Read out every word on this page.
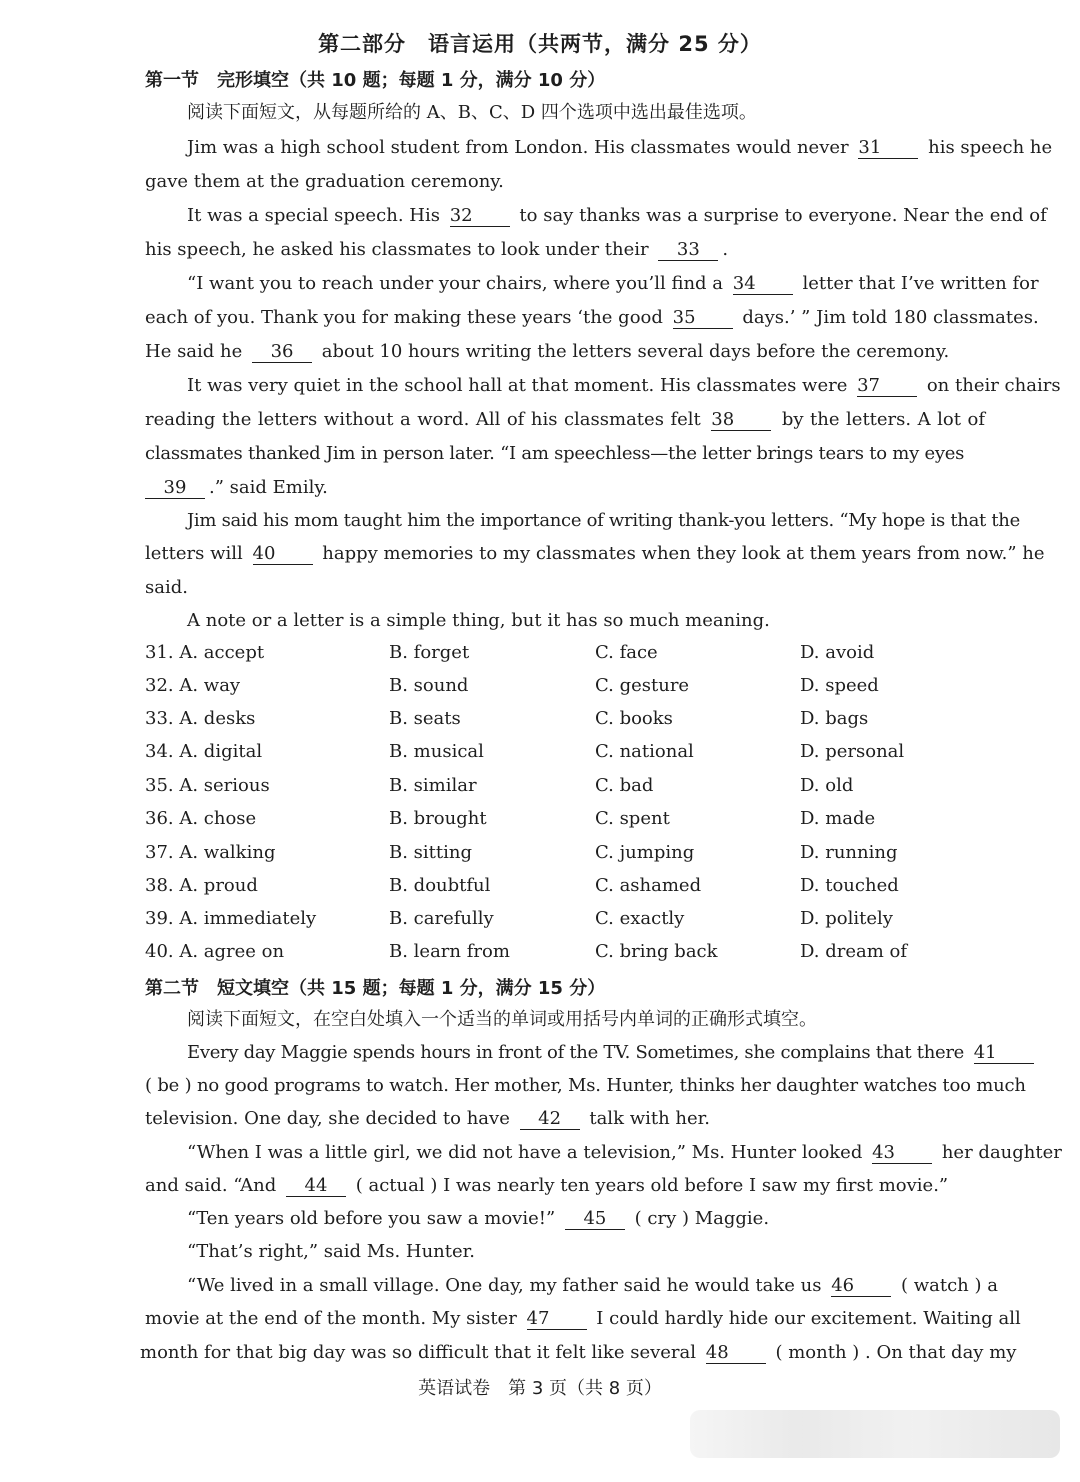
第二部分　语言运用（共两节，满分 25 分）
第一节　完形填空（共 10 题；每题 1 分，满分 10 分）
阅读下面短文，从每题所给的 A、B、C、D 四个选项中选出最佳选项。
Jim was a high school student from London. His classmates would never 31	his speech he
gave them at the graduation ceremony.
It was a special speech. His 32	to say thanks was a surprise to everyone. Near the end of
his speech, he asked his classmates to look under their 33 .
“I want you to reach under your chairs, where you’ll find a 34	letter that I’ve written for
each of you. Thank you for making these years ‘the good 35	days.’ ” Jim told 180 classmates.
He said he 36 about 10 hours writing the letters several days before the ceremony.
It was very quiet in the school hall at that moment. His classmates were 37	on their chairs
reading the letters without a word. All of his classmates felt 38	by the letters. A lot of
classmates thanked Jim in person later. “I am speechless—the letter brings tears to my eyes
39 .” said Emily.
Jim said his mom taught him the importance of writing thank-you letters. “My hope is that the
letters will 40	happy memories to my classmates when they look at them years from now.” he
said.
A note or a letter is a simple thing, but it has so much meaning.
31. A. accept	B. forget	C. face	D. avoid
32. A. way	B. sound	C. gesture	D. speed
33. A. desks	B. seats	C. books	D. bags
34. A. digital	B. musical	C. national	D. personal
35. A. serious	B. similar	C. bad	D. old
36. A. chose	B. brought	C. spent	D. made
37. A. walking	B. sitting	C. jumping	D. running
38. A. proud	B. doubtful	C. ashamed	D. touched
39. A. immediately	B. carefully	C. exactly	D. politely
40. A. agree on	B. learn from	C. bring back	D. dream of
第二节　短文填空（共 15 题；每题 1 分，满分 15 分）
阅读下面短文，在空白处填入一个适当的单词或用括号内单词的正确形式填空。
Every day Maggie spends hours in front of the TV. Sometimes, she complains that there 41
( be ) no good programs to watch. Her mother, Ms. Hunter, thinks her daughter watches too much
television. One day, she decided to have 42 talk with her.
“When I was a little girl, we did not have a television,” Ms. Hunter looked 43	her daughter
and said. “And 44 ( actual ) I was nearly ten years old before I saw my first movie.”
“Ten years old before you saw a movie!” 45 ( cry ) Maggie.
“That’s right,” said Ms. Hunter.
“We lived in a small village. One day, my father said he would take us 46	( watch ) a
movie at the end of the month. My sister 47	I could hardly hide our excitement. Waiting all
month for that big day was so difficult that it felt like several 48	( month ) . On that day my
英语试卷　第 3 页（共 8 页）
